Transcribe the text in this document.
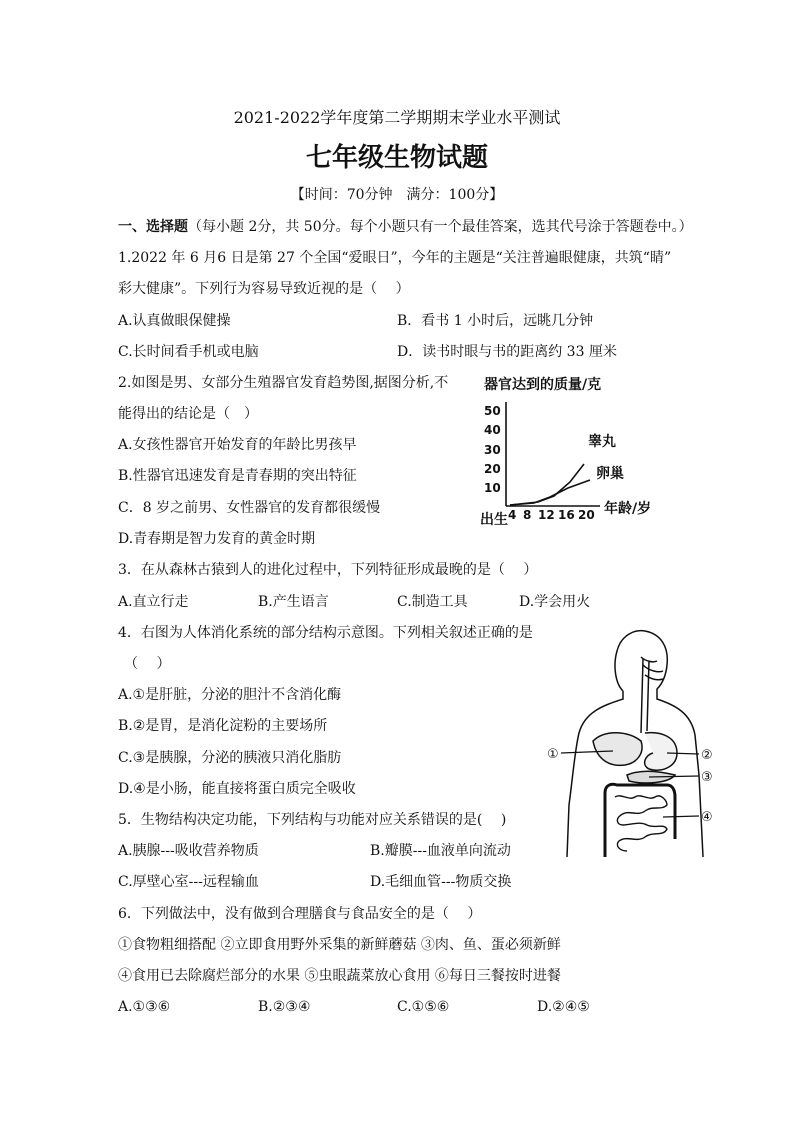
2021-2022学年度第二学期期末学业水平测试
七年级生物试题
【时间：70分钟　满分：100分】
一、选择题（每小题 2分，共 50分。每个小题只有一个最佳答案，选其代号涂于答题卷中。）
1.2022 年 6 月6 日是第 27 个全国“爱眼日”，今年的主题是“关注普遍眼健康，共筑“睛”
彩大健康”。下列行为容易导致近视的是（　 ）
A.认真做眼保健操	B．看书 1 小时后，远眺几分钟
C.长时间看手机或电脑	D．读书时眼与书的距离约 33 厘米
2.如图是男、女部分生殖器官发育趋势图,据图分析,不
能得出的结论是（　）
A.女孩性器官开始发育的年龄比男孩早
B.性器官迅速发育是青春期的突出特征
C．8 岁之前男、女性器官的发育都很缓慢
D.青春期是智力发育的黄金时期
器官达到的质量/克
50
40
30
20
10
4 8 12 16 20
出生
年龄/岁
睾丸
卵巢
3．在从森林古猿到人的进化过程中，下列特征形成最晚的是（　 ）
A.直立行走	B.产生语言	C.制造工具	D.学会用火
4．右图为人体消化系统的部分结构示意图。下列相关叙述正确的是
（　 ）
A.①是肝脏，分泌的胆汁不含消化酶
B.②是胃，是消化淀粉的主要场所
C.③是胰腺，分泌的胰液只消化脂肪
D.④是小肠，能直接将蛋白质完全吸收
①	②
③
④
5．生物结构决定功能，下列结构与功能对应关系错误的是(　 )
A.胰腺---吸收营养物质	B.瓣膜---血液单向流动
C.厚壁心室---远程输血	D.毛细血管---物质交换
6．下列做法中，没有做到合理膳食与食品安全的是（　 ）
①食物粗细搭配 ②立即食用野外采集的新鲜蘑菇 ③肉、鱼、蛋必须新鲜
④食用已去除腐烂部分的水果 ⑤虫眼蔬菜放心食用 ⑥每日三餐按时进餐
A.①③⑥	B.②③④	C.①⑤⑥	D.②④⑤
